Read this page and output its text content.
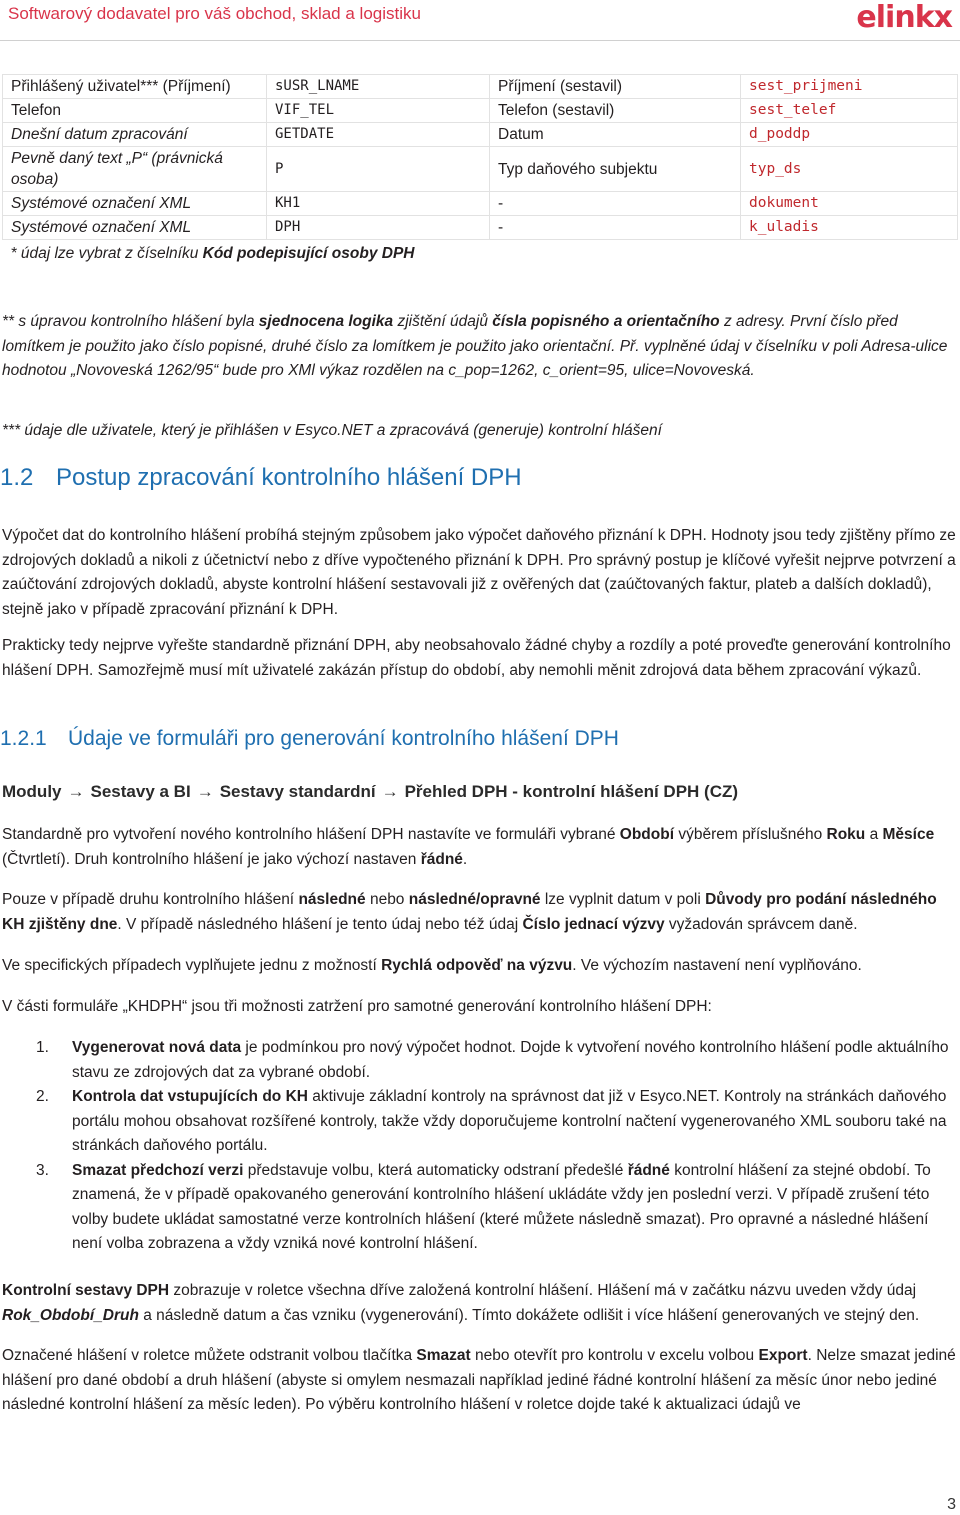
Softwarový dodavatel pro váš obchod, sklad a logistiku	elinkx
Přihlášený uživatel*** (Příjmení)	sUSR_LNAME	Příjmení (sestavil)	sest_prijmeni
Telefon	VIF_TEL	Telefon (sestavil)	sest_telef
Dnešní datum zpracování	GETDATE	Datum	d_poddp
Pevně daný text „P“ (právnická osoba)	P	Typ daňového subjektu	typ_ds
Systémové označení XML	KH1	-	dokument
Systémové označení XML	DPH	-	k_uladis
* údaj lze vybrat z číselníku Kód podepisující osoby DPH			
** s úpravou kontrolního hlášení byla sjednocena logika zjištění údajů čísla popisného a orientačního z adresy. První číslo před lomítkem je použito jako číslo popisné, druhé číslo za lomítkem je použito jako orientační. Př. vyplněné údaj v číselníku v poli Adresa-ulice hodnotou „Novoveská 1262/95“ bude pro XMl výkaz rozdělen na c_pop=1262, c_orient=95, ulice=Novoveská.
*** údaje dle uživatele, který je přihlášen v Esyco.NET a zpracovává (generuje) kontrolní hlášení
1.2 Postup zpracování kontrolního hlášení DPH
Výpočet dat do kontrolního hlášení probíhá stejným způsobem jako výpočet daňového přiznání k DPH. Hodnoty jsou tedy zjištěny přímo ze zdrojových dokladů a nikoli z účetnictví nebo z dříve vypočteného přiznání k DPH. Pro správný postup je klíčové vyřešit nejprve potvrzení a zaúčtování zdrojových dokladů, abyste kontrolní hlášení sestavovali již z ověřených dat (zaúčtovaných faktur, plateb a dalších dokladů), stejně jako v případě zpracování přiznání k DPH.
Prakticky tedy nejprve vyřešte standardně přiznání DPH, aby neobsahovalo žádné chyby a rozdíly a poté proveďte generování kontrolního hlášení DPH. Samozřejmě musí mít uživatelé zakázán přístup do období, aby nemohli měnit zdrojová data během zpracování výkazů.
1.2.1 Údaje ve formuláři pro generování kontrolního hlášení DPH
Moduly → Sestavy a BI → Sestavy standardní → Přehled DPH - kontrolní hlášení DPH (CZ)
Standardně pro vytvoření nového kontrolního hlášení DPH nastavíte ve formuláři vybrané Období výběrem příslušného Roku a Měsíce (Čtvrtletí). Druh kontrolního hlášení je jako výchozí nastaven řádné.
Pouze v případě druhu kontrolního hlášení následné nebo následné/opravné lze vyplnit datum v poli Důvody pro podání následného KH zjištěny dne. V případě následného hlášení je tento údaj nebo též údaj Číslo jednací výzvy vyžadován správcem daně.
Ve specifických případech vyplňujete jednu z možností Rychlá odpověď na výzvu. Ve výchozím nastavení není vyplňováno.
V části formuláře „KHDPH“ jsou tři možnosti zatržení pro samotné generování kontrolního hlášení DPH:
1. Vygenerovat nová data je podmínkou pro nový výpočet hodnot. Dojde k vytvoření nového kontrolního hlášení podle aktuálního stavu ze zdrojových dat za vybrané období.
2. Kontrola dat vstupujících do KH aktivuje základní kontroly na správnost dat již v Esyco.NET. Kontroly na stránkách daňového portálu mohou obsahovat rozšířené kontroly, takže vždy doporučujeme kontrolní načtení vygenerovaného XML souboru také na stránkách daňového portálu.
3. Smazat předchozí verzi představuje volbu, která automaticky odstraní předešlé řádné kontrolní hlášení za stejné období. To znamená, že v případě opakovaného generování kontrolního hlášení ukládáte vždy jen poslední verzi. V případě zrušení této volby budete ukládat samostatné verze kontrolních hlášení (které můžete následně smazat). Pro opravné a následné hlášení není volba zobrazena a vždy vzniká nové kontrolní hlášení.
Kontrolní sestavy DPH zobrazuje v roletce všechna dříve založená kontrolní hlášení. Hlášení má v začátku názvu uveden vždy údaj Rok_Období_Druh a následně datum a čas vzniku (vygenerování). Tímto dokážete odlišit i více hlášení generovaných ve stejný den.
Označené hlášení v roletce můžete odstranit volbou tlačítka Smazat nebo otevřít pro kontrolu v excelu volbou Export. Nelze smazat jediné hlášení pro dané období a druh hlášení (abyste si omylem nesmazali například jediné řádné kontrolní hlášení za měsíc únor nebo jediné následné kontrolní hlášení za měsíc leden). Po výběru kontrolního hlášení v roletce dojde také k aktualizaci údajů ve
3
